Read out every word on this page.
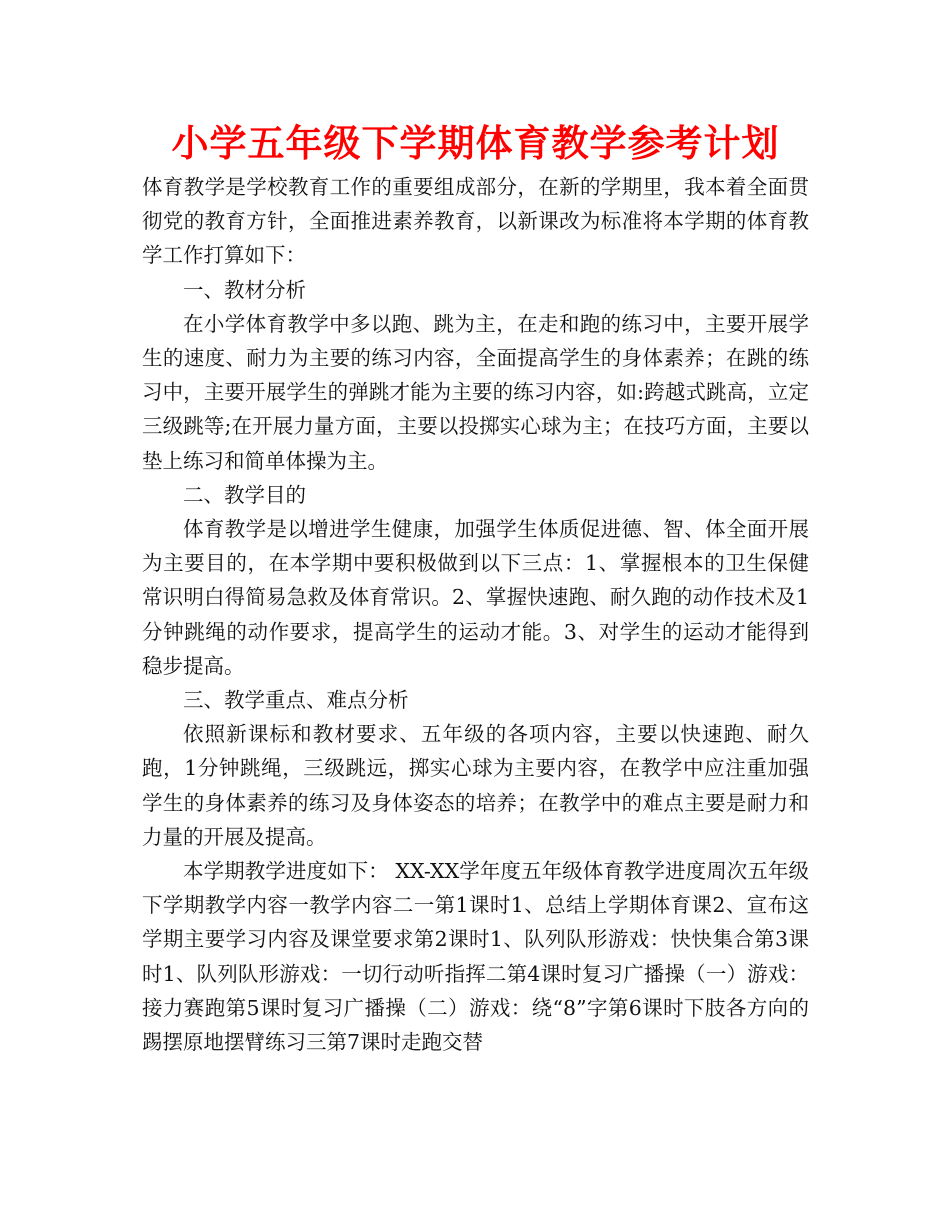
小学五年级下学期体育教学参考计划

体育教学是学校教育工作的重要组成部分，在新的学期里，我本着全面贯彻党的教育方针，全面推进素养教育，以新课改为标准将本学期的体育教学工作打算如下：

一、教材分析

在小学体育教学中多以跑、跳为主，在走和跑的练习中，主要开展学生的速度、耐力为主要的练习内容，全面提高学生的身体素养；在跳的练习中，主要开展学生的弹跳才能为主要的练习内容，如:跨越式跳高，立定三级跳等;在开展力量方面，主要以投掷实心球为主；在技巧方面，主要以垫上练习和简单体操为主。

二、教学目的

体育教学是以增进学生健康，加强学生体质促进德、智、体全面开展为主要目的，在本学期中要积极做到以下三点：1、掌握根本的卫生保健常识明白得简易急救及体育常识。2、掌握快速跑、耐久跑的动作技术及1分钟跳绳的动作要求，提高学生的运动才能。3、对学生的运动才能得到稳步提高。

三、教学重点、难点分析

依照新课标和教材要求、五年级的各项内容，主要以快速跑、耐久跑，1分钟跳绳，三级跳远，掷实心球为主要内容，在教学中应注重加强学生的身体素养的练习及身体姿态的培养；在教学中的难点主要是耐力和力量的开展及提高。

本学期教学进度如下： XX-XX学年度五年级体育教学进度周次五年级下学期教学内容一教学内容二一第1课时1、总结上学期体育课2、宣布这学期主要学习内容及课堂要求第2课时1、队列队形游戏：快快集合第3课时1、队列队形游戏：一切行动听指挥二第4课时复习广播操（一）游戏：接力赛跑第5课时复习广播操（二）游戏：绕“8”字第6课时下肢各方向的踢摆原地摆臂练习三第7课时走跑交替
